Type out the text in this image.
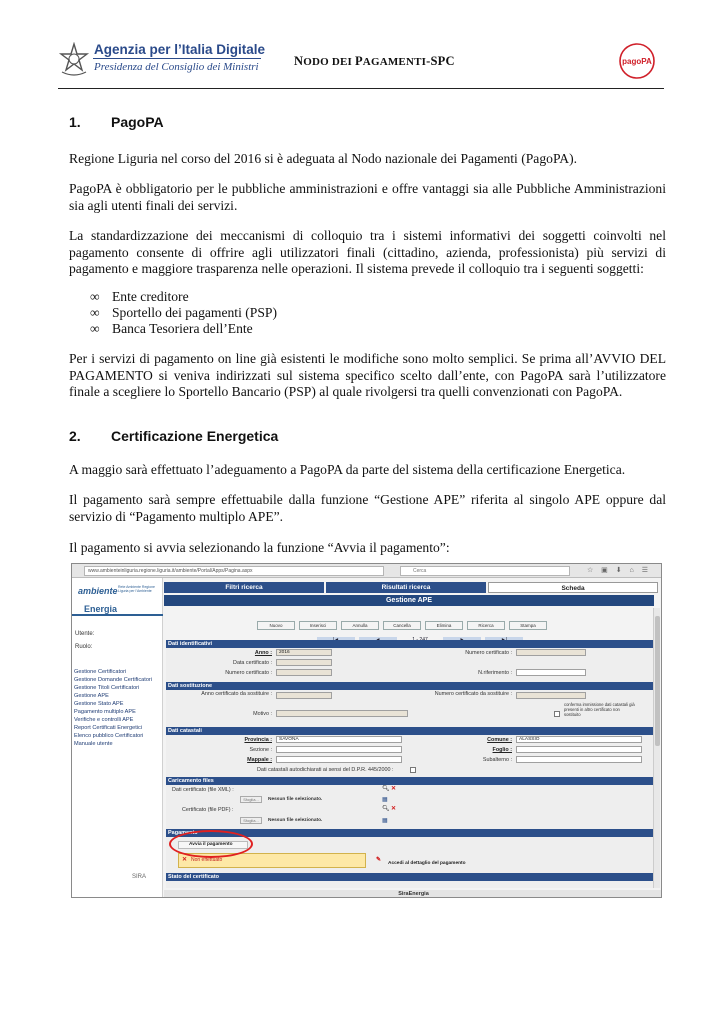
Agenzia per l’Italia Digitale
Presidenza del Consiglio dei Ministri	NODO DEI PAGAMENTI-SPC	pagoPA
1. PagoPA
Regione Liguria nel corso del 2016 si è adeguata al Nodo nazionale dei Pagamenti (PagoPA).
PagoPA è obbligatorio per le pubbliche amministrazioni e offre vantaggi sia alle Pubbliche Amministrazioni sia agli utenti finali dei servizi.
La standardizzazione dei meccanismi di colloquio tra i sistemi informativi dei soggetti coinvolti nel pagamento consente di offrire agli utilizzatori finali (cittadino, azienda, professionista) più servizi di pagamento e maggiore trasparenza nelle operazioni. Il sistema prevede il colloquio tra i seguenti soggetti:
∞ Ente creditore
∞ Sportello dei pagamenti (PSP)
∞ Banca Tesoriera dell’Ente
Per i servizi di pagamento on line già esistenti le modifiche sono molto semplici. Se prima all’AVVIO DEL PAGAMENTO si veniva indirizzati sul sistema specifico scelto dall’ente, con PagoPA sarà l’utilizzatore finale a scegliere lo Sportello Bancario (PSP) al quale rivolgersi tra quelli convenzionati con PagoPA.
2. Certificazione Energetica
A maggio sarà effettuato l’adeguamento a PagoPA da parte del sistema della certificazione Energetica.
Il pagamento sarà sempre effettuabile dalla funzione “Gestione APE” riferita al singolo APE oppure dal servizio di “Pagamento multiplo APE”.
Il pagamento si avvia selezionando la funzione “Avvia il pagamento”:
www.ambienteinliguria.regione.liguria.it/ambiente/Portal/Apps/Pagina.aspx	Cerca	☆ ▣ ⬇ ⌂ ☰
ambiente Rete Ambiente Regione Liguria per l'Ambiente
Energia
Utente:
Ruolo:
Gestione Certificatori
Gestione Domande Certificatori
Gestione Titoli Certificatori
Gestione APE
Gestione Stato APE
Pagamento multiplo APE
Verifiche e controlli APE
Report Certificati Energetici
Elenco pubblico Certificatori
Manuale utente
SIRA
Filtri ricerca	Risultati ricerca	Scheda
Gestione APE
Nuovo	Inserisci	Annulla	Cancella	Elimina	Ricerca	Stampa
Dati identificativi
Anno :	2016	Numero certificato :
Data certificato :
Numero certificato :	N.riferimento :
Dati sostituzione
Anno certificato da sostituire :	Numero certificato da sostituire :
Motivo :
conferma immissione dati catastali già presenti in altro certificato non sostituito
Dati catastali
Provincia :	SAVONA	Comune :	ALASSIO
Sezione :	Foglio :
Mappale :	Subalterno :
Dati catastali autodichiarati ai sensi del D.P.R. 445/2000 :
Caricamento files
Dati certificato (file XML) :	🔍︎ ✕
Sfoglia...	Nessun file selezionato.	▦
Certificato (file PDF) :	🔍︎ ✕
Sfoglia...	Nessun file selezionato.	▦
Pagamento
Avvia il pagamento
✕ Non effettuato	✎
Accedi al dettaglio del pagamento
Stato del certificato
SiraEnergia
